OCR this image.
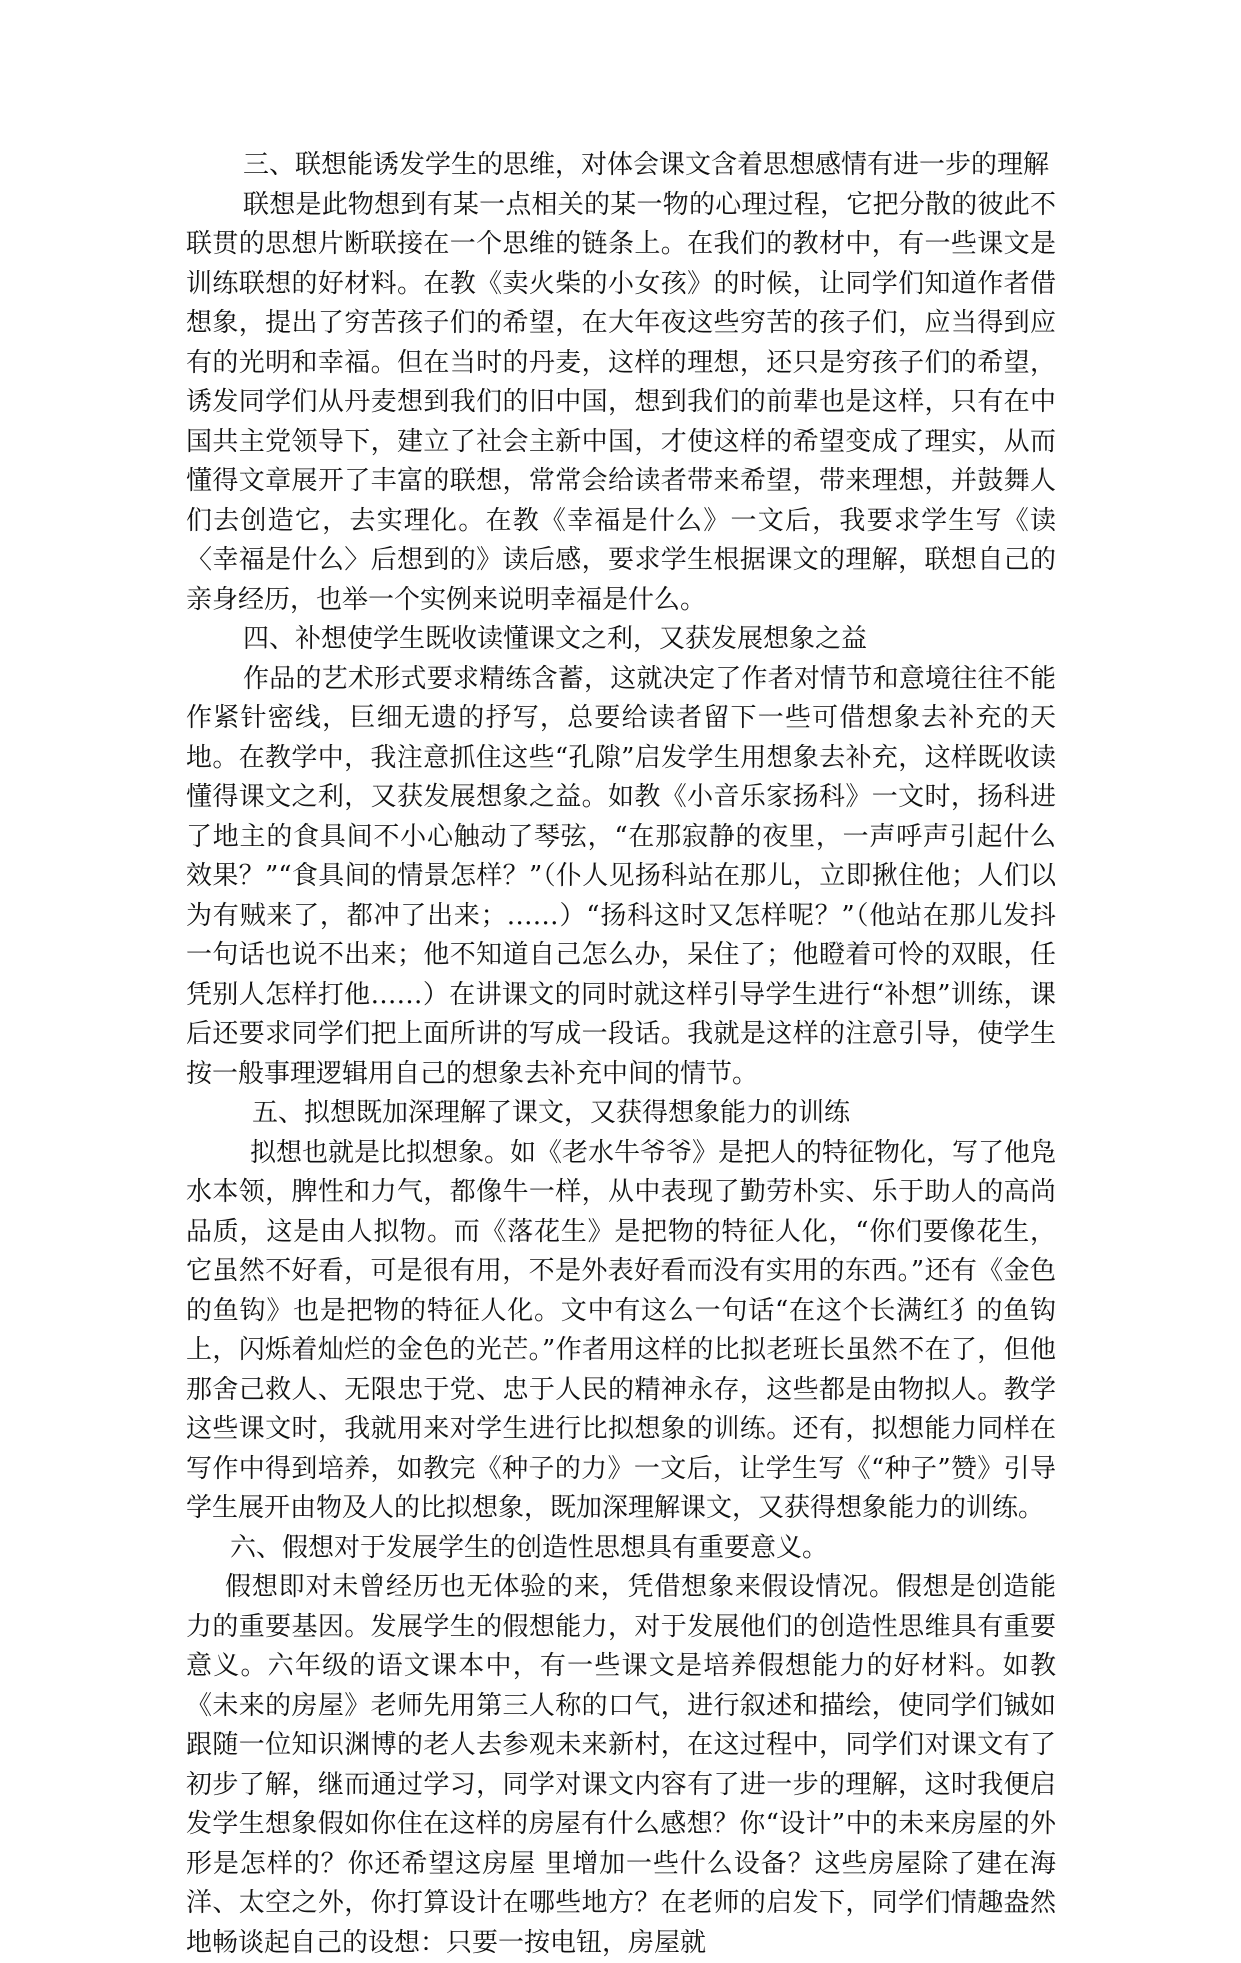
三、联想能诱发学生的思维，对体会课文含着思想感情有进一步的理解

联想是此物想到有某一点相关的某一物的心理过程，它把分散的彼此不联贯的思想片断联接在一个思维的链条上。在我们的教材中，有一些课文是训练联想的好材料。在教《卖火柴的小女孩》的时候，让同学们知道作者借想象，提出了穷苦孩子们的希望，在大年夜这些穷苦的孩子们，应当得到应有的光明和幸福。但在当时的丹麦，这样的理想，还只是穷孩子们的希望，诱发同学们从丹麦想到我们的旧中国，想到我们的前辈也是这样，只有在中国共主党领导下，建立了社会主新中国，才使这样的希望变成了理实，从而懂得文章展开了丰富的联想，常常会给读者带来希望，带来理想，并鼓舞人们去创造它，去实理化。在教《幸福是什么》一文后，我要求学生写《读〈幸福是什么〉后想到的》读后感，要求学生根据课文的理解，联想自己的亲身经历，也举一个实例来说明幸福是什么。

四、补想使学生既收读懂课文之利，又获发展想象之益

作品的艺术形式要求精练含蓄，这就决定了作者对情节和意境往往不能作紧针密线，巨细无遗的抒写，总要给读者留下一些可借想象去补充的天地。在教学中，我注意抓住这些“孔隙”启发学生用想象去补充，这样既收读懂得课文之利，又获发展想象之益。如教《小音乐家扬科》一文时，扬科进了地主的食具间不小心触动了琴弦，“在那寂静的夜里，一声呼声引起什么效果？”“食具间的情景怎样？”（仆人见扬科站在那儿，立即揪住他；人们以为有贼来了，都冲了出来；……）“扬科这时又怎样呢？”（他站在那儿发抖一句话也说不出来；他不知道自己怎么办，呆住了；他瞪着可怜的双眼，任凭别人怎样打他……）在讲课文的同时就这样引导学生进行“补想”训练，课后还要求同学们把上面所讲的写成一段话。我就是这样的注意引导，使学生按一般事理逻辑用自己的想象去补充中间的情节。

五、拟想既加深理解了课文，又获得想象能力的训练

拟想也就是比拟想象。如《老水牛爷爷》是把人的特征物化，写了他凫水本领，脾性和力气，都像牛一样，从中表现了勤劳朴实、乐于助人的高尚品质，这是由人拟物。而《落花生》是把物的特征人化，“你们要像花生，它虽然不好看，可是很有用，不是外表好看而没有实用的东西。”还有《金色的鱼钩》也是把物的特征人化。文中有这么一句话“在这个长满红犭的鱼钩上，闪烁着灿烂的金色的光芒。”作者用这样的比拟老班长虽然不在了，但他那舍己救人、无限忠于党、忠于人民的精神永存，这些都是由物拟人。教学这些课文时，我就用来对学生进行比拟想象的训练。还有，拟想能力同样在写作中得到培养，如教完《种子的力》一文后，让学生写《“种子”赞》引导学生展开由物及人的比拟想象，既加深理解课文，又获得想象能力的训练。

六、假想对于发展学生的创造性思想具有重要意义。

假想即对未曾经历也无体验的来，凭借想象来假设情况。假想是创造能力的重要基因。发展学生的假想能力，对于发展他们的创造性思维具有重要意义。六年级的语文课本中，有一些课文是培养假想能力的好材料。如教《未来的房屋》老师先用第三人称的口气，进行叙述和描绘，使同学们铖如跟随一位知识渊博的老人去参观未来新村，在这过程中，同学们对课文有了初步了解，继而通过学习，同学对课文内容有了进一步的理解，这时我便启发学生想象假如你住在这样的房屋有什么感想？你“设计”中的未来房屋的外形是怎样的？你还希望这房屋 里增加一些什么设备？这些房屋除了建在海洋、太空之外，你打算设计在哪些地方？在老师的启发下，同学们情趣盎然地畅谈起自己的设想：只要一按电钮，房屋就
